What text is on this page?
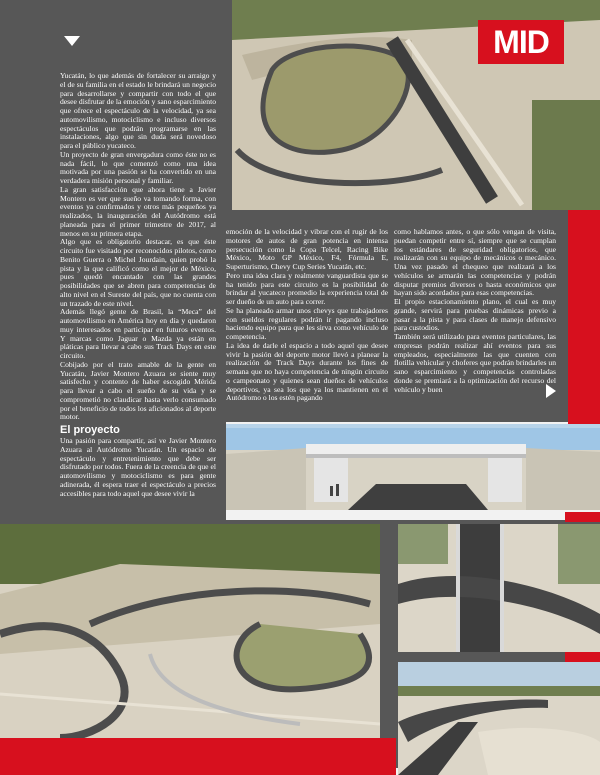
MID

Yucatán, lo que además de fortalecer su arraigo y el de su familia en el estado le brindará un negocio para desarrollarse y compartir con todo el que desee disfrutar de la emoción y sano esparcimiento que ofrece el espectáculo de la velocidad, ya sea automovilismo, motociclismo e incluso diversos espectáculos que podrán programarse en las instalaciones, algo que sin duda será novedoso para el público yucateco.

Un proyecto de gran envergadura como éste no es nada fácil, lo que comenzó como una idea motivada por una pasión se ha convertido en una verdadera misión personal y familiar.

La gran satisfacción que ahora tiene a Javier Montero es ver que sueño va tomando forma, con eventos ya confirmados y otros más pequeños ya realizados, la inauguración del Autódromo está planeada para el primer trimestre de 2017, al menos en su primera etapa.

Algo que es obligatorio destacar, es que éste circuito fue visitado por reconocidos pilotos, como Benito Guerra o Michel Jourdain, quien probó la pista y la que calificó como el mejor de México, pues quedó encantado con las grandes posibilidades que se abren para competencias de alto nivel en el Sureste del país, que no cuenta con un trazado de este nivel.

Además llegó gente de Brasil, la “Meca” del automovilismo en América hoy en día y quedaron muy interesados en participar en futuros eventos. Y marcas como Jaguar o Mazda ya están en pláticas para llevar a cabo sus Track Days en este circuito.

Cobijado por el trato amable de la gente en Yucatán, Javier Montero Azuara se siente muy satisfecho y contento de haber escogido Mérida para llevar a cabo el sueño de su vida y se comprometió no claudicar hasta verlo consumado por el beneficio de todos los aficionados al deporte motor.

El proyecto
Una pasión para compartir, así ve Javier Montero Azuara al Autódromo Yucatán. Un espacio de espectáculo y entretenimiento que debe ser disfrutado por todos. Fuera de la creencia de que el automovilismo y motociclismo es para gente adinerada, él espera traer el espectáculo a precios accesibles para todo aquel que desee vivir la

emoción de la velocidad y vibrar con el rugir de los motores de autos de gran potencia en intensa persecución como la Copa Telcel, Racing Bike México, Moto GP México, F4, Fórmula E, Superturismo, Chevy Cup Series Yucatán, etc.

Pero una idea clara y realmente vanguardista que se ha tenido para este circuito es la posibilidad de brindar al yucateco promedio la experiencia total de ser dueño de un auto para correr.

Se ha planeado armar unos chevys que trabajadores con sueldos regulares podrán ir pagando incluso haciendo equipo para que les sirva como vehículo de competencia.

La idea de darle el espacio a todo aquel que desee vivir la pasión del deporte motor llevó a planear la realización de Track Days durante los fines de semana que no haya competencia de ningún circuito o campeonato y quienes sean dueños de vehículos deportivos, ya sea los que ya los mantienen en el Autódromo o los estén pagando

como hablamos antes, o que sólo vengan de visita, puedan competir entre sí, siempre que se cumplan los estándares de seguridad obligatorios, que realizarán con su equipo de mecánicos o mecánico. Una vez pasado el chequeo que realizará a los vehículos se armarán las competencias y podrán disputar premios diversos o hasta económicos que hayan sido acordados para esas competencias.

El propio estacionamiento plano, el cual es muy grande, servirá para pruebas dinámicas previo a pasar a la pista y para clases de manejo defensivo para custodios.

También será utilizado para eventos particulares, las empresas podrán realizar ahí eventos para sus empleados, especialmente las que cuenten con flotilla vehicular y choferes que podrán brindarles un sano esparcimiento y competencias controladas donde se premiará a la optimización del recurso del vehículo y buen
